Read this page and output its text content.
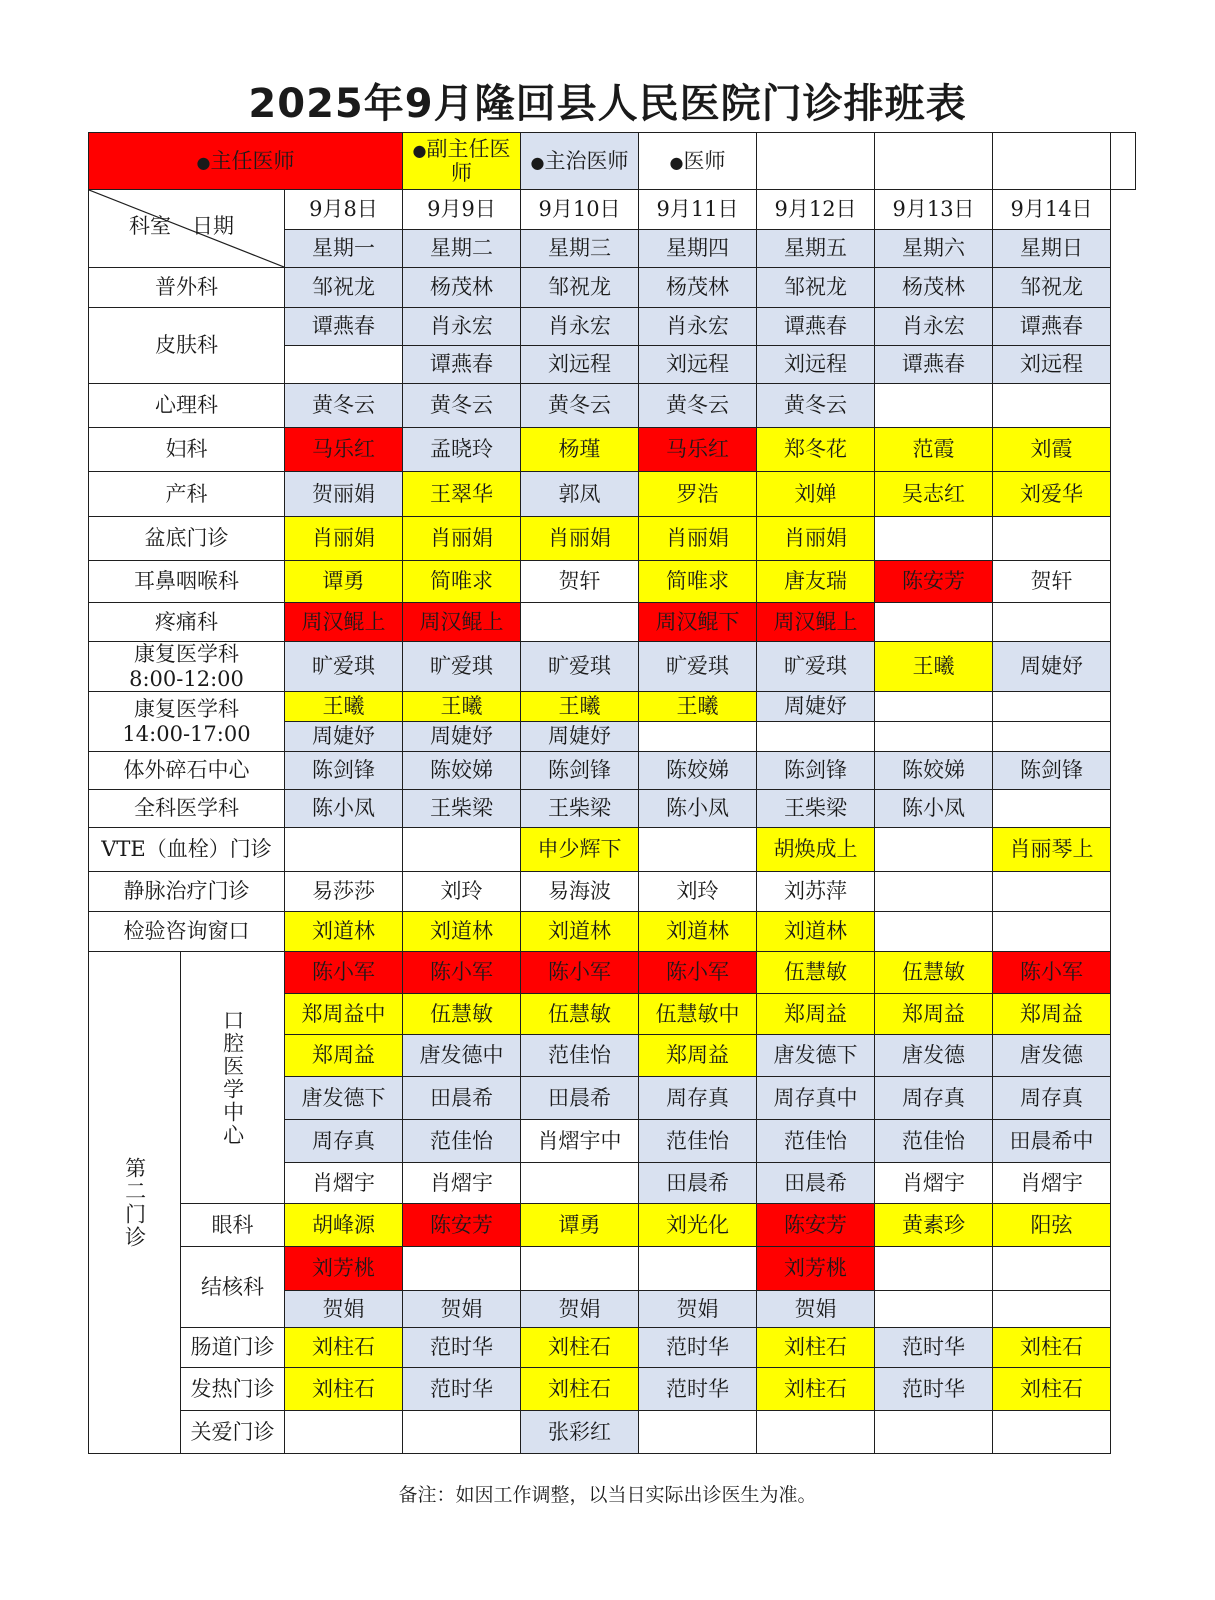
2025年9月隆回县人民医院门诊排班表
●主任医师			●副主任医师	●主治医师	●医师				

科室　日期		9月8日	9月9日	9月10日	9月11日	9月12日	9月13日	9月14日	
		星期一	星期二	星期三	星期四	星期五	星期六	星期日	
普外科		邹祝龙	杨茂林	邹祝龙	杨茂林	邹祝龙	杨茂林	邹祝龙	
皮肤科		谭燕春	肖永宏	肖永宏	肖永宏	谭燕春	肖永宏	谭燕春	
			谭燕春	刘远程	刘远程	刘远程	谭燕春	刘远程	
心理科		黄冬云	黄冬云	黄冬云	黄冬云	黄冬云			
妇科		马乐红	孟晓玲	杨瑾	马乐红	郑冬花	范霞	刘霞	
产科		贺丽娟	王翠华	郭凤	罗浩	刘婵	吴志红	刘爱华	
盆底门诊		肖丽娟	肖丽娟	肖丽娟	肖丽娟	肖丽娟			
耳鼻咽喉科		谭勇	简唯求	贺轩	简唯求	唐友瑞	陈安芳	贺轩	
疼痛科		周汉鲲上	周汉鲲上		周汉鲲下	周汉鲲上			
康复医学科
8:00-12:00		旷爱琪	旷爱琪	旷爱琪	旷爱琪	旷爱琪	王曦	周婕妤	
康复医学科
14:00-17:00		王曦	王曦	王曦	王曦	周婕妤			
		周婕妤	周婕妤	周婕妤					
体外碎石中心		陈剑锋	陈姣娣	陈剑锋	陈姣娣	陈剑锋	陈姣娣	陈剑锋	
全科医学科		陈小凤	王柴梁	王柴梁	陈小凤	王柴梁	陈小凤		
VTE（血栓）门诊				申少辉下		胡焕成上		肖丽琴上	
静脉治疗门诊		易莎莎	刘玲	易海波	刘玲	刘苏萍			
检验咨询窗口		刘道林	刘道林	刘道林	刘道林	刘道林			
第二门诊	口腔医学中心	陈小军	陈小军	陈小军	陈小军	伍慧敏	伍慧敏	陈小军	
		郑周益中	伍慧敏	伍慧敏	伍慧敏中	郑周益	郑周益	郑周益	
		郑周益	唐发德中	范佳怡	郑周益	唐发德下	唐发德	唐发德	
		唐发德下	田晨希	田晨希	周存真	周存真中	周存真	周存真	
		周存真	范佳怡	肖熠宇中	范佳怡	范佳怡	范佳怡	田晨希中	
		肖熠宇	肖熠宇		田晨希	田晨希	肖熠宇	肖熠宇	
	眼科	胡峰源	陈安芳	谭勇	刘光化	陈安芳	黄素珍	阳弦	
	结核科	刘芳桃				刘芳桃			
		贺娟	贺娟	贺娟	贺娟	贺娟			
	肠道门诊	刘柱石	范时华	刘柱石	范时华	刘柱石	范时华	刘柱石	
	发热门诊	刘柱石	范时华	刘柱石	范时华	刘柱石	范时华	刘柱石	
	关爱门诊			张彩红					
备注：如因工作调整，以当日实际出诊医生为准。
